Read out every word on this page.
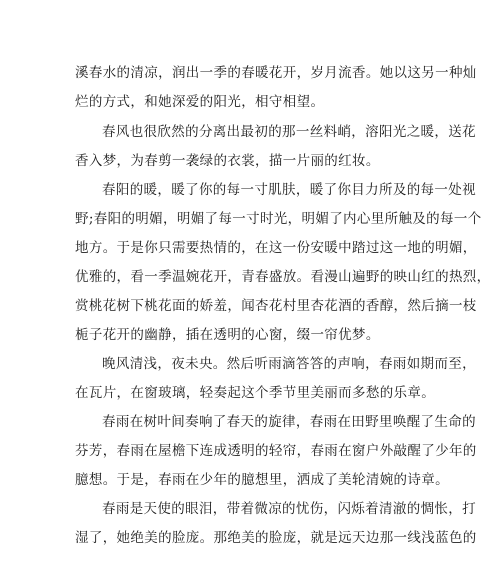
溪春水的清凉，润出一季的春暖花开，岁月流香。她以这另一种灿
烂的方式，和她深爱的阳光，相守相望。
春风也很欣然的分离出最初的那一丝料峭，溶阳光之暖，送花
香入梦，为春剪一袭绿的衣裳，描一片丽的红妆。
春阳的暖，暖了你的每一寸肌肤，暖了你目力所及的每一处视
野;春阳的明媚，明媚了每一寸时光，明媚了内心里所触及的每一个
地方。于是你只需要热情的，在这一份安暖中踏过这一地的明媚，
优雅的，看一季温婉花开，青春盛放。看漫山遍野的映山红的热烈，
赏桃花树下桃花面的娇羞，闻杏花村里杏花酒的香醇，然后摘一枝
栀子花开的幽静，插在透明的心窗，缀一帘优梦。
晚风清浅，夜未央。然后听雨滴答答的声响，春雨如期而至，
在瓦片，在窗玻璃，轻奏起这个季节里美丽而多愁的乐章。
春雨在树叶间奏响了春天的旋律，春雨在田野里唤醒了生命的
芬芳，春雨在屋檐下连成透明的轻帘，春雨在窗户外敲醒了少年的
臆想。于是，春雨在少年的臆想里，洒成了美轮清婉的诗章。
春雨是天使的眼泪，带着微凉的忧伤，闪烁着清澈的惆怅，打
湿了，她绝美的脸庞。那绝美的脸庞，就是远天边那一线浅蓝色的
